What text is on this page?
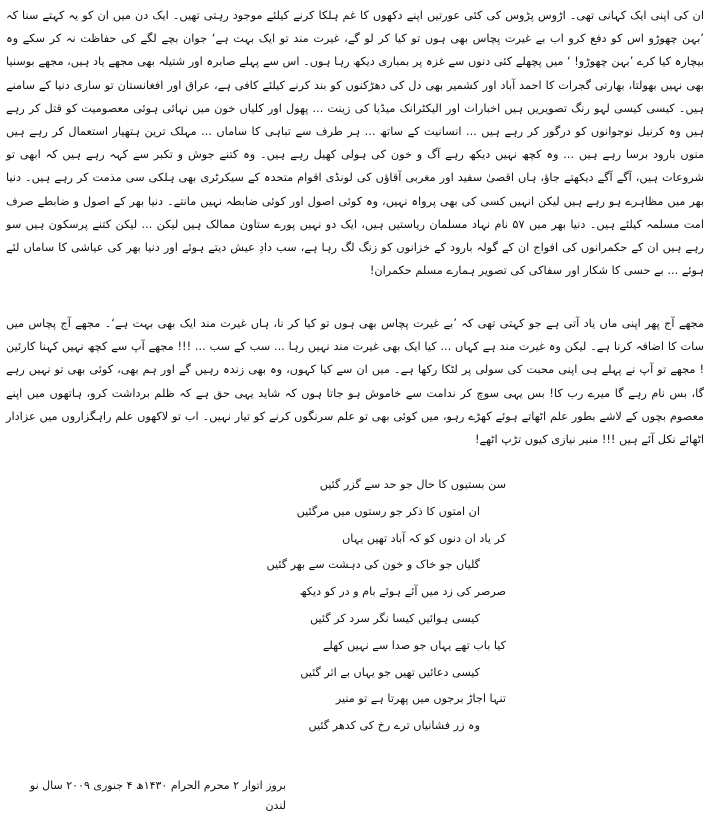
ان کی اپنی ایک کہانی تھی۔ اڑوس پڑوس کی کئی عورتیں اپنے دکھوں کا غم ہلکا کرنے کیلئے موجود رہتی تھیں۔ ایک دن میں ان کو یہ کہتے سنا کہ ’بہن چھوڑو اس کو دفع کرو اب بے غیرت پچاس بھی ہوں تو کیا کر لو گے، غیرت مند تو ایک بہت ہے‘ جوان بچے لگے کی حفاظت نہ کر سکے وہ بیچارہ کیا کرے ’بہن چھوڑو! ‘ میں پچھلے کئی دنوں سے غزہ پر بمباری دیکھ رہا ہوں۔ اس سے پہلے صابرہ اور شتیلہ بھی مجھے یاد ہیں، مجھے بوسنیا بھی نہیں بھولتا، بھارتی گجرات کا احمد آباد اور کشمیر بھی دل کی دھڑکنوں کو بند کرنے کیلئے کافی ہے، عراق اور افغانستان تو ساری دنیا کے سامنے ہیں۔ کیسی کیسی لہو رنگ تصویریں ہیں اخبارات اور الیکٹرانک میڈیا کی زینت ... پھول اور کلیاں خون میں نہائی ہوئی معصومیت کو قتل کر رہے ہیں وہ کرنیل نوجوانوں کو درگور کر رہے ہیں ... انسانیت کے ساتھ ... ہر طرف سے تباہی کا ساماں ... مہلک ترین ہتھیار استعمال کر رہے ہیں منوں بارود برسا رہے ہیں ... وہ کچھ نہیں دیکھ رہے آگ و خون کی ہولی کھیل رہے ہیں۔ وہ کتنے جوش و تکبر سے کہہ رہے ہیں کہ ابھی تو شروعات ہیں، آگے آگے دیکھتے جاؤ، ہاں اقصیٰ سفید اور مغربی آقاؤں کی لونڈی اقوام متحدہ کے سیکرٹری بھی ہلکی سی مذمت کر رہے ہیں۔ دنیا بھر میں مظاہرے ہو رہے ہیں لیکن انہیں کسی کی بھی پرواہ نہیں، وہ کوئی اصول اور کوئی ضابطہ نہیں مانتے۔ دنیا بھر کے اصول و ضابطے صرف امت مسلمہ کیلئے ہیں۔ دنیا بھر میں ۵۷ نام نہاد مسلمان ریاستیں ہیں، ایک دو نہیں پورے ستاون ممالک ہیں لیکن ... لیکن کتنے پرسکون ہیں سو رہے ہیں ان کے حکمرانوں کی افواج ان کے گولہ بارود کے خزانوں کو زنگ لگ رہا ہے، سب دادِ عیش دیتے ہوئے اور دنیا بھر کی عیاشی کا ساماں لئے ہوئے ... بے حسی کا شکار اور سفاکی کی تصویر ہمارے مسلم حکمران!

مجھے آج پھر اپنی ماں یاد آتی ہے جو کہتی تھی کہ ’بے غیرت پچاس بھی ہوں تو کیا کر نا، ہاں غیرت مند ایک بھی بہت ہے‘۔ مجھے آج پچاس میں سات کا اضافہ کرنا ہے۔ لیکن وہ غیرت مند ہے کہاں ... کیا ایک بھی غیرت مند نہیں رہا ... سب کے سب ... !!! مجھے آپ سے کچھ نہیں کہنا کارئین ! مجھے تو آپ نے پہلے ہی اپنی محبت کی سولی پر لٹکا رکھا ہے۔ میں ان سے کیا کہوں، وہ بھی زندہ رہیں گے اور ہم بھی، کوئی بھی تو نہیں رہے گا، بس نام رہے گا میرے رب کا! بس یہی سوچ کر ندامت سے خاموش ہو جاتا ہوں کہ شاید یہی حق ہے کہ ظلم برداشت کرو، ہاتھوں میں اپنے معصوم بچوں کے لاشے بطور علم اٹھاتے ہوئے کھڑے رہو، میں کوئی بھی تو علم سرنگوں کرنے کو تیار نہیں۔ اب تو لاکھوں علم راہگزاروں میں عزادار اٹھائے نکل آئے ہیں !!! منیر نیازی کیوں تڑپ اٹھے!

سن بستیوں کا حال جو حد سے گزر گئیں
ان امتوں کا ذکر جو رستوں میں مرگئیں
کر یاد ان دنوں کو کہ آباد تھیں یہاں
گلیاں جو خاک و خون کی دہشت سے بھر گئیں
صرصر کی زد میں آئے ہوئے بام و در کو دیکھ
کیسی ہوائیں کیسا نگر سرد کر گئیں
کیا باب تھے یہاں جو صدا سے نہیں کھلے
کیسی دعائیں تھیں جو یہاں بے اثر گئیں
تنہا اجاڑ برجوں میں پھرتا ہے تو منیر
وہ زر فشانیاں ترے رخ کی کدھر گئیں
بروز اتوار ۲ محرم الحرام ۱۴۳۰ھ ۴ جنوری ۲۰۰۹ سال نو
لندن
